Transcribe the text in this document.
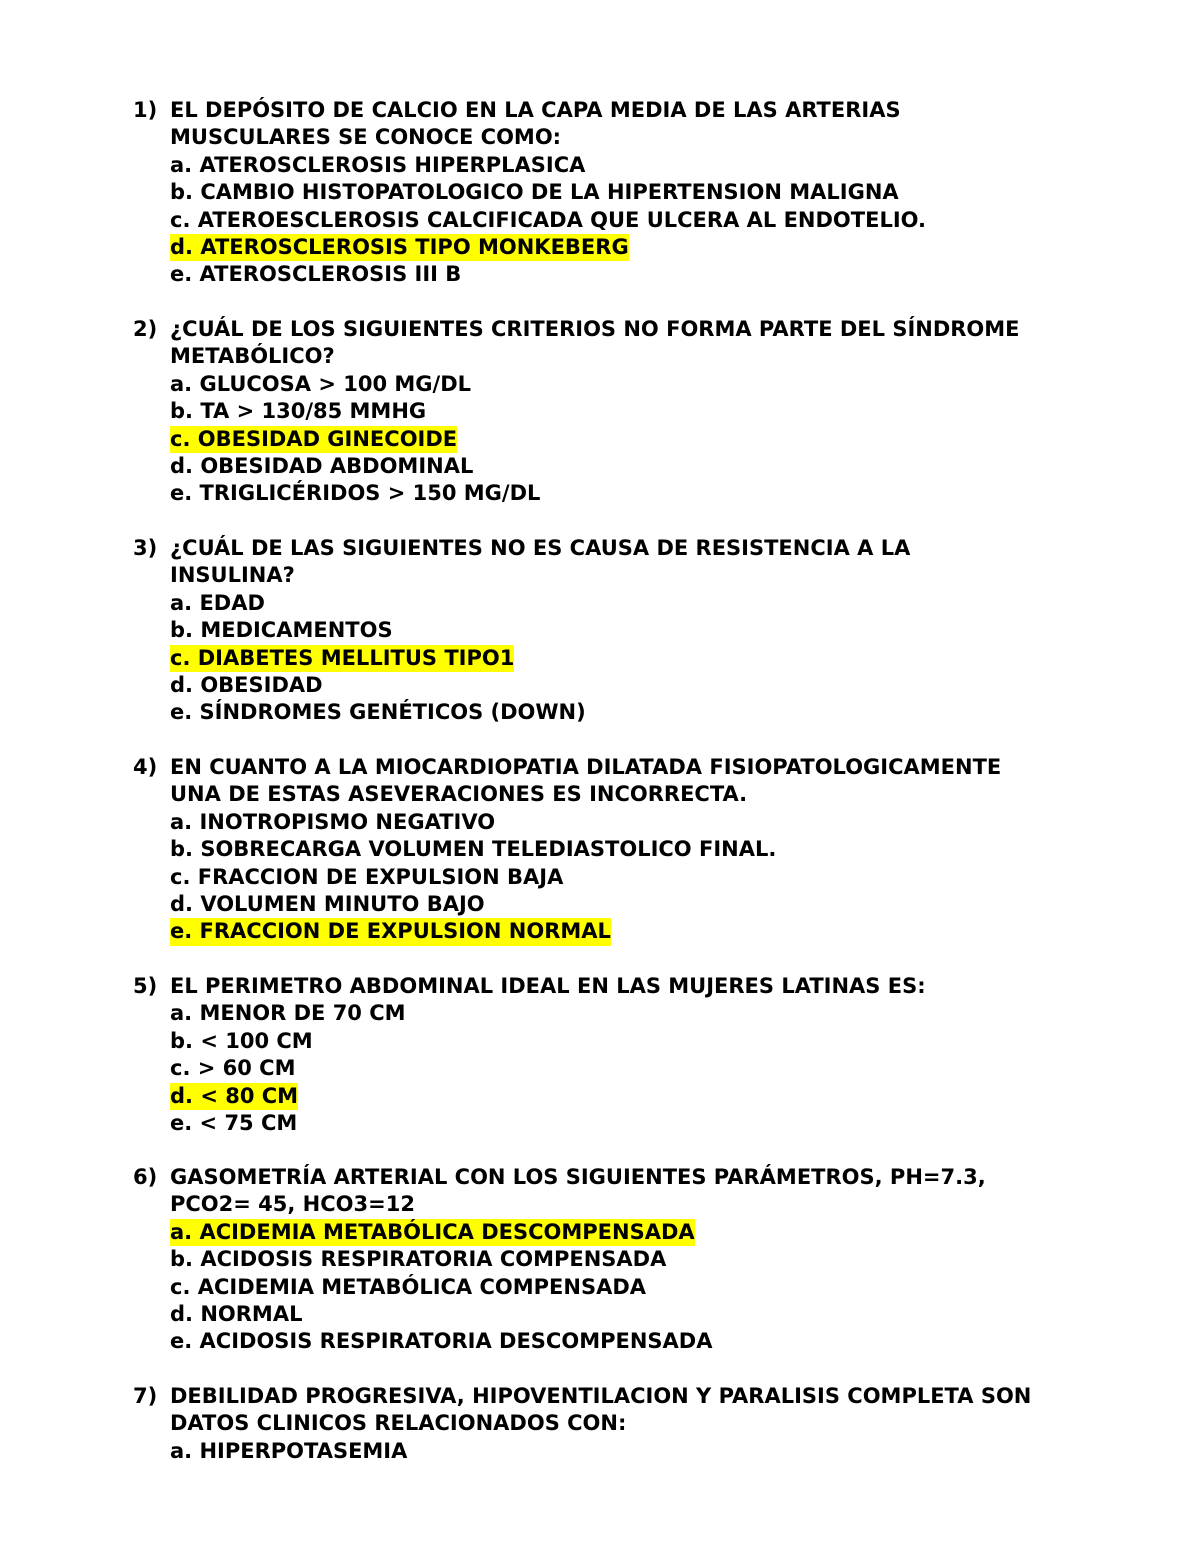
1) EL DEPÓSITO DE CALCIO EN LA CAPA MEDIA DE LAS ARTERIAS
MUSCULARES SE CONOCE COMO:
a. ATEROSCLEROSIS HIPERPLASICA
b. CAMBIO HISTOPATOLOGICO DE LA HIPERTENSION MALIGNA
c. ATEROESCLEROSIS CALCIFICADA QUE ULCERA AL ENDOTELIO.
d. ATEROSCLEROSIS TIPO MONKEBERG
e. ATEROSCLEROSIS III B
2) ¿CUÁL DE LOS SIGUIENTES CRITERIOS NO FORMA PARTE DEL SÍNDROME
METABÓLICO?
a. GLUCOSA > 100 MG/DL
b. TA > 130/85 MMHG
c. OBESIDAD GINECOIDE
d. OBESIDAD ABDOMINAL
e. TRIGLICÉRIDOS > 150 MG/DL
3) ¿CUÁL DE LAS SIGUIENTES NO ES CAUSA DE RESISTENCIA A LA
INSULINA?
a. EDAD
b. MEDICAMENTOS
c. DIABETES MELLITUS TIPO1
d. OBESIDAD
e. SÍNDROMES GENÉTICOS (DOWN)
4) EN CUANTO A LA MIOCARDIOPATIA DILATADA FISIOPATOLOGICAMENTE
UNA DE ESTAS ASEVERACIONES ES INCORRECTA.
a. INOTROPISMO NEGATIVO
b. SOBRECARGA VOLUMEN TELEDIASTOLICO FINAL.
c. FRACCION DE EXPULSION BAJA
d. VOLUMEN MINUTO BAJO
e. FRACCION DE EXPULSION NORMAL
5) EL PERIMETRO ABDOMINAL IDEAL EN LAS MUJERES LATINAS ES:
a. MENOR DE 70 CM
b. < 100 CM
c. > 60 CM
d. < 80 CM
e. < 75 CM
6) GASOMETRÍA ARTERIAL CON LOS SIGUIENTES PARÁMETROS, PH=7.3,
PCO2= 45, HCO3=12
a. ACIDEMIA METABÓLICA DESCOMPENSADA
b. ACIDOSIS RESPIRATORIA COMPENSADA
c. ACIDEMIA METABÓLICA COMPENSADA
d. NORMAL
e. ACIDOSIS RESPIRATORIA DESCOMPENSADA
7) DEBILIDAD PROGRESIVA, HIPOVENTILACION Y PARALISIS COMPLETA SON
DATOS CLINICOS RELACIONADOS CON:
a. HIPERPOTASEMIA
